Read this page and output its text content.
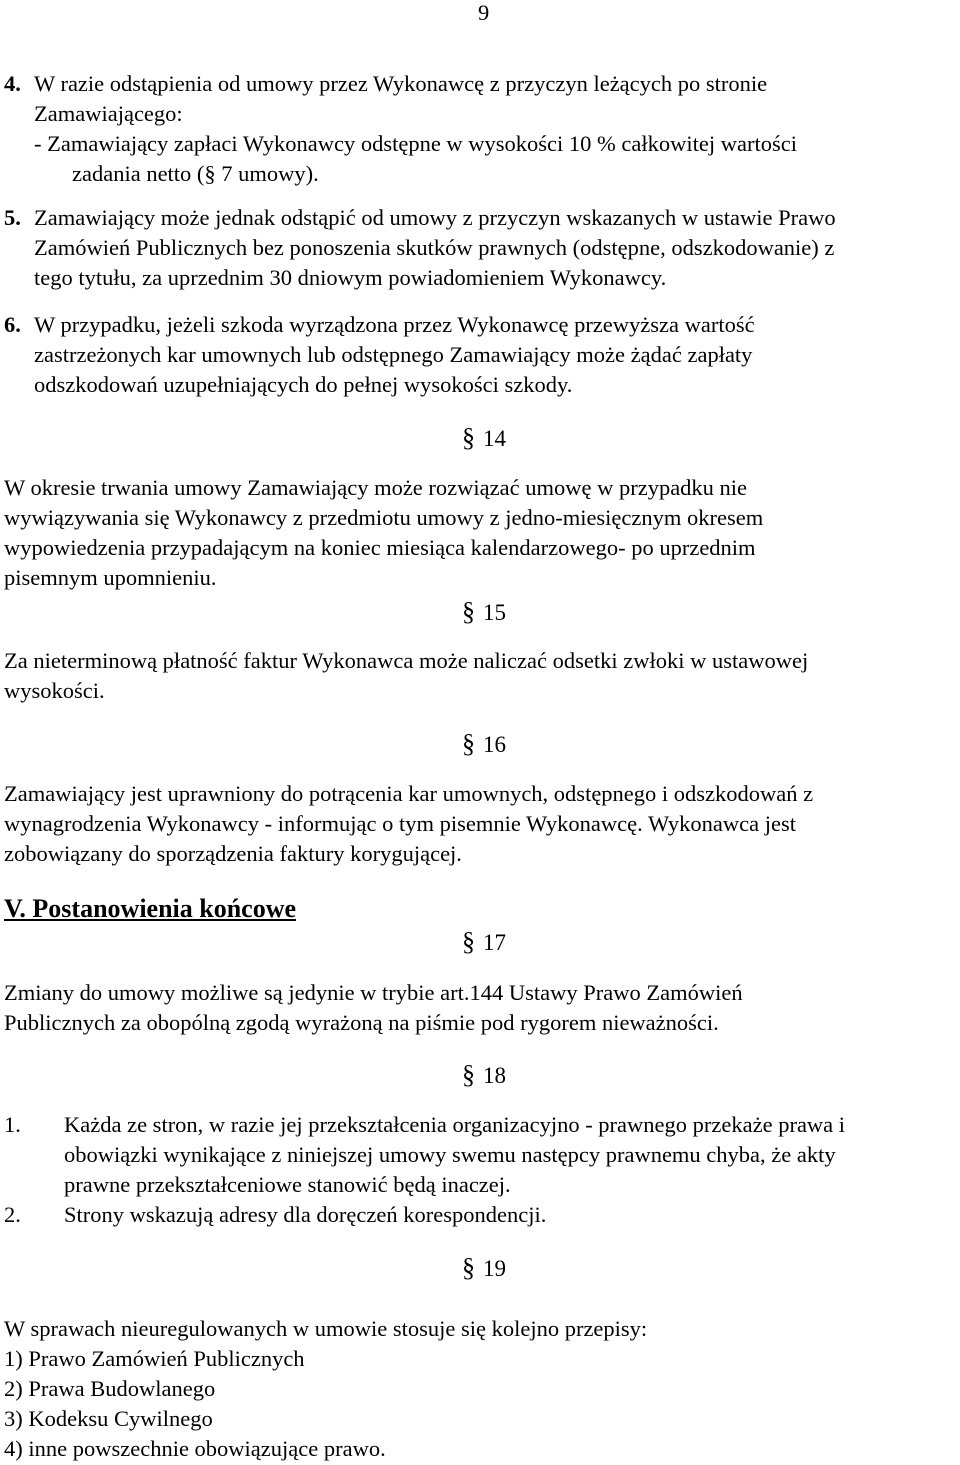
9
4. W razie odstąpienia od umowy przez Wykonawcę z przyczyn leżących po stronie
Zamawiającego:
- Zamawiający zapłaci Wykonawcy odstępne w wysokości 10 % całkowitej wartości
zadania netto (§ 7 umowy).
5. Zamawiający może jednak odstąpić od umowy z przyczyn wskazanych w ustawie Prawo
Zamówień Publicznych bez ponoszenia skutków prawnych (odstępne, odszkodowanie) z
tego tytułu, za uprzednim 30 dniowym powiadomieniem Wykonawcy.
6. W przypadku, jeżeli szkoda wyrządzona przez Wykonawcę przewyższa wartość
zastrzeżonych kar umownych lub odstępnego Zamawiający może żądać zapłaty
odszkodowań uzupełniających do pełnej wysokości szkody.
§ 14
W okresie trwania umowy Zamawiający może rozwiązać umowę w przypadku nie
wywiązywania się Wykonawcy z przedmiotu umowy z jedno-miesięcznym okresem
wypowiedzenia przypadającym na koniec miesiąca kalendarzowego- po uprzednim
pisemnym upomnieniu.
§ 15
Za nieterminową płatność faktur Wykonawca może naliczać odsetki zwłoki w ustawowej
wysokości.
§ 16
Zamawiający jest uprawniony do potrącenia kar umownych, odstępnego i odszkodowań z
wynagrodzenia Wykonawcy - informując o tym pisemnie Wykonawcę. Wykonawca jest
zobowiązany do sporządzenia faktury korygującej.
V. Postanowienia końcowe
§ 17
Zmiany do umowy możliwe są jedynie w trybie art.144 Ustawy Prawo Zamówień
Publicznych za obopólną zgodą wyrażoną na piśmie pod rygorem nieważności.
§ 18
1. Każda ze stron, w razie jej przekształcenia organizacyjno - prawnego przekaże prawa i
obowiązki wynikające z niniejszej umowy swemu następcy prawnemu chyba, że akty
prawne przekształceniowe stanowić będą inaczej.
2. Strony wskazują adresy dla doręczeń korespondencji.
§ 19
W sprawach nieuregulowanych w umowie stosuje się kolejno przepisy:
1) Prawo Zamówień Publicznych
2) Prawa Budowlanego
3) Kodeksu Cywilnego
4) inne powszechnie obowiązujące prawo.
